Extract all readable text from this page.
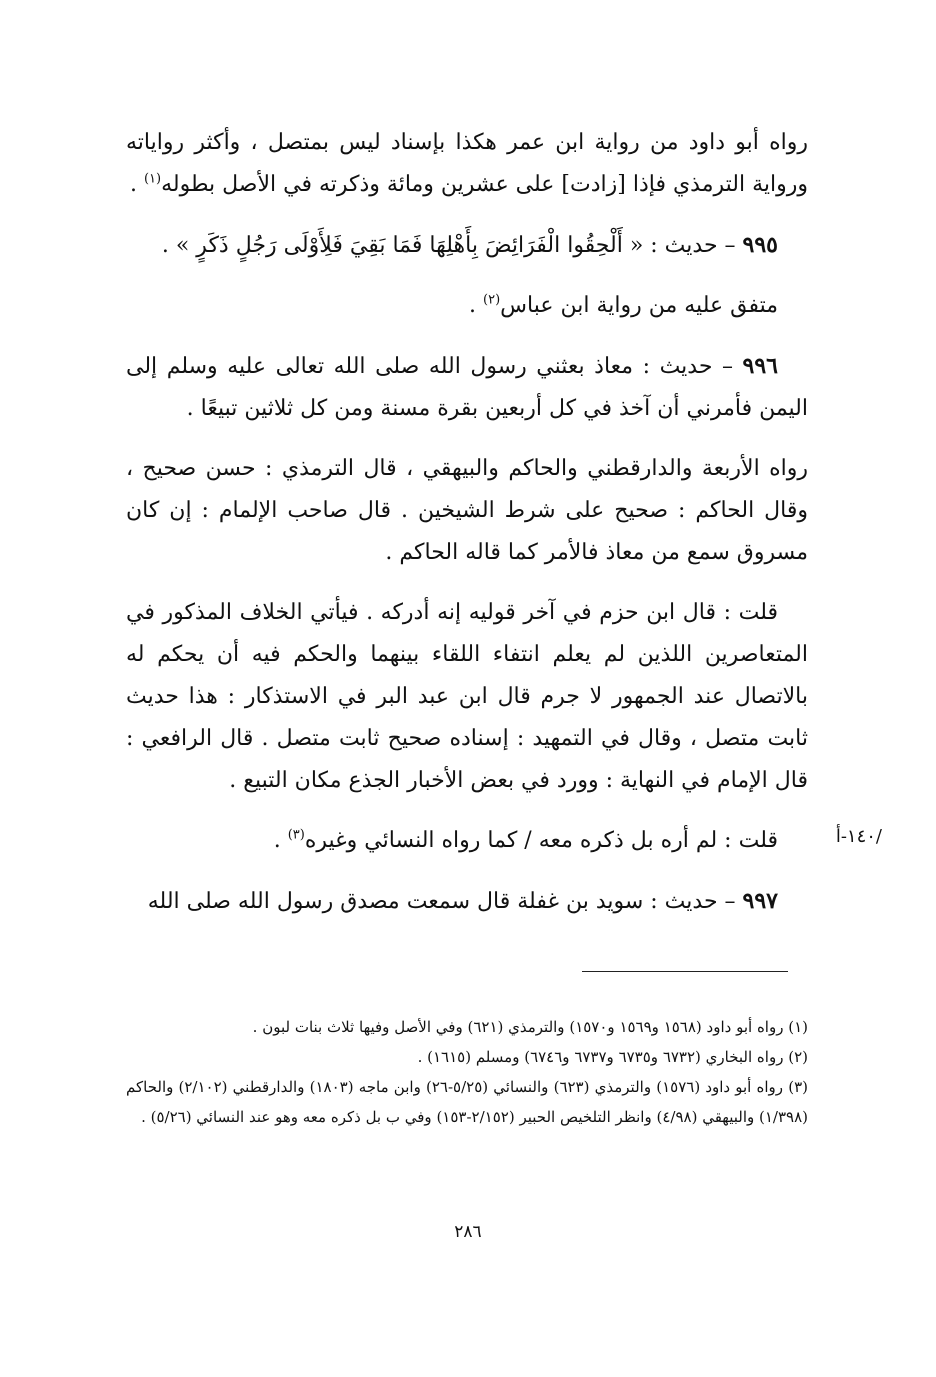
رواه أبو داود من رواية ابن عمر هكذا بإسناد ليس بمتصل ، وأكثر رواياته ورواية الترمذي فإذا [زادت] على عشرين ومائة وذكرته في الأصل بطوله$^{(١)}$ .

٩٩٥ – حديث : « أَلْحِقُوا الْفَرَائِضَ بِأَهْلِهَا فَمَا بَقِيَ فَلِأَوْلَى رَجُلٍ ذَكَرٍ » .

متفق عليه من رواية ابن عباس$^{(٢)}$ .

٩٩٦ – حديث : معاذ بعثني رسول الله صلى الله تعالى عليه وسلم إلى اليمن فأمرني أن آخذ في كل أربعين بقرة مسنة ومن كل ثلاثين تبيعًا .

رواه الأربعة والدارقطني والحاكم والبيهقي ، قال الترمذي : حسن صحيح ، وقال الحاكم : صحيح على شرط الشيخين . قال صاحب الإلمام : إن كان مسروق سمع من معاذ فالأمر كما قاله الحاكم .

قلت : قال ابن حزم في آخر قوليه إنه أدركه . فيأتي الخلاف المذكور في المتعاصرين اللذين لم يعلم انتفاء اللقاء بينهما والحكم فيه أن يحكم له بالاتصال عند الجمهور لا جرم قال ابن عبد البر في الاستذكار : هذا حديث ثابت متصل ، وقال في التمهيد : إسناده صحيح ثابت متصل . قال الرافعي : قال الإمام في النهاية : وورد في بعض الأخبار الجذع مكان التبيع .

قلت : لم أره بل ذكره معه / كما رواه النسائي وغيره$^{(٣)}$ .

٩٩٧ – حديث : سويد بن غفلة قال سمعت مصدق رسول الله صلى الله

/١٤٠-أ

(١) رواه أبو داود (١٥٦٨ و١٥٦٩ و١٥٧٠) والترمذي (٦٢١) وفي الأصل وفيها ثلاث بنات لبون .

(٢) رواه البخاري (٦٧٣٢ و٦٧٣٥ و٦٧٣٧ و٦٧٤٦) ومسلم (١٦١٥) .

(٣) رواه أبو داود (١٥٧٦) والترمذي (٦٢٣) والنسائي (٥/٢٥-٢٦) وابن ماجه (١٨٠٣) والدارقطني (٢/١٠٢) والحاكم (١/٣٩٨) والبيهقي (٤/٩٨) وانظر التلخيص الحبير (٢/١٥٢-١٥٣) وفي ب بل ذكره معه وهو عند النسائي (٥/٢٦) .

٢٨٦
